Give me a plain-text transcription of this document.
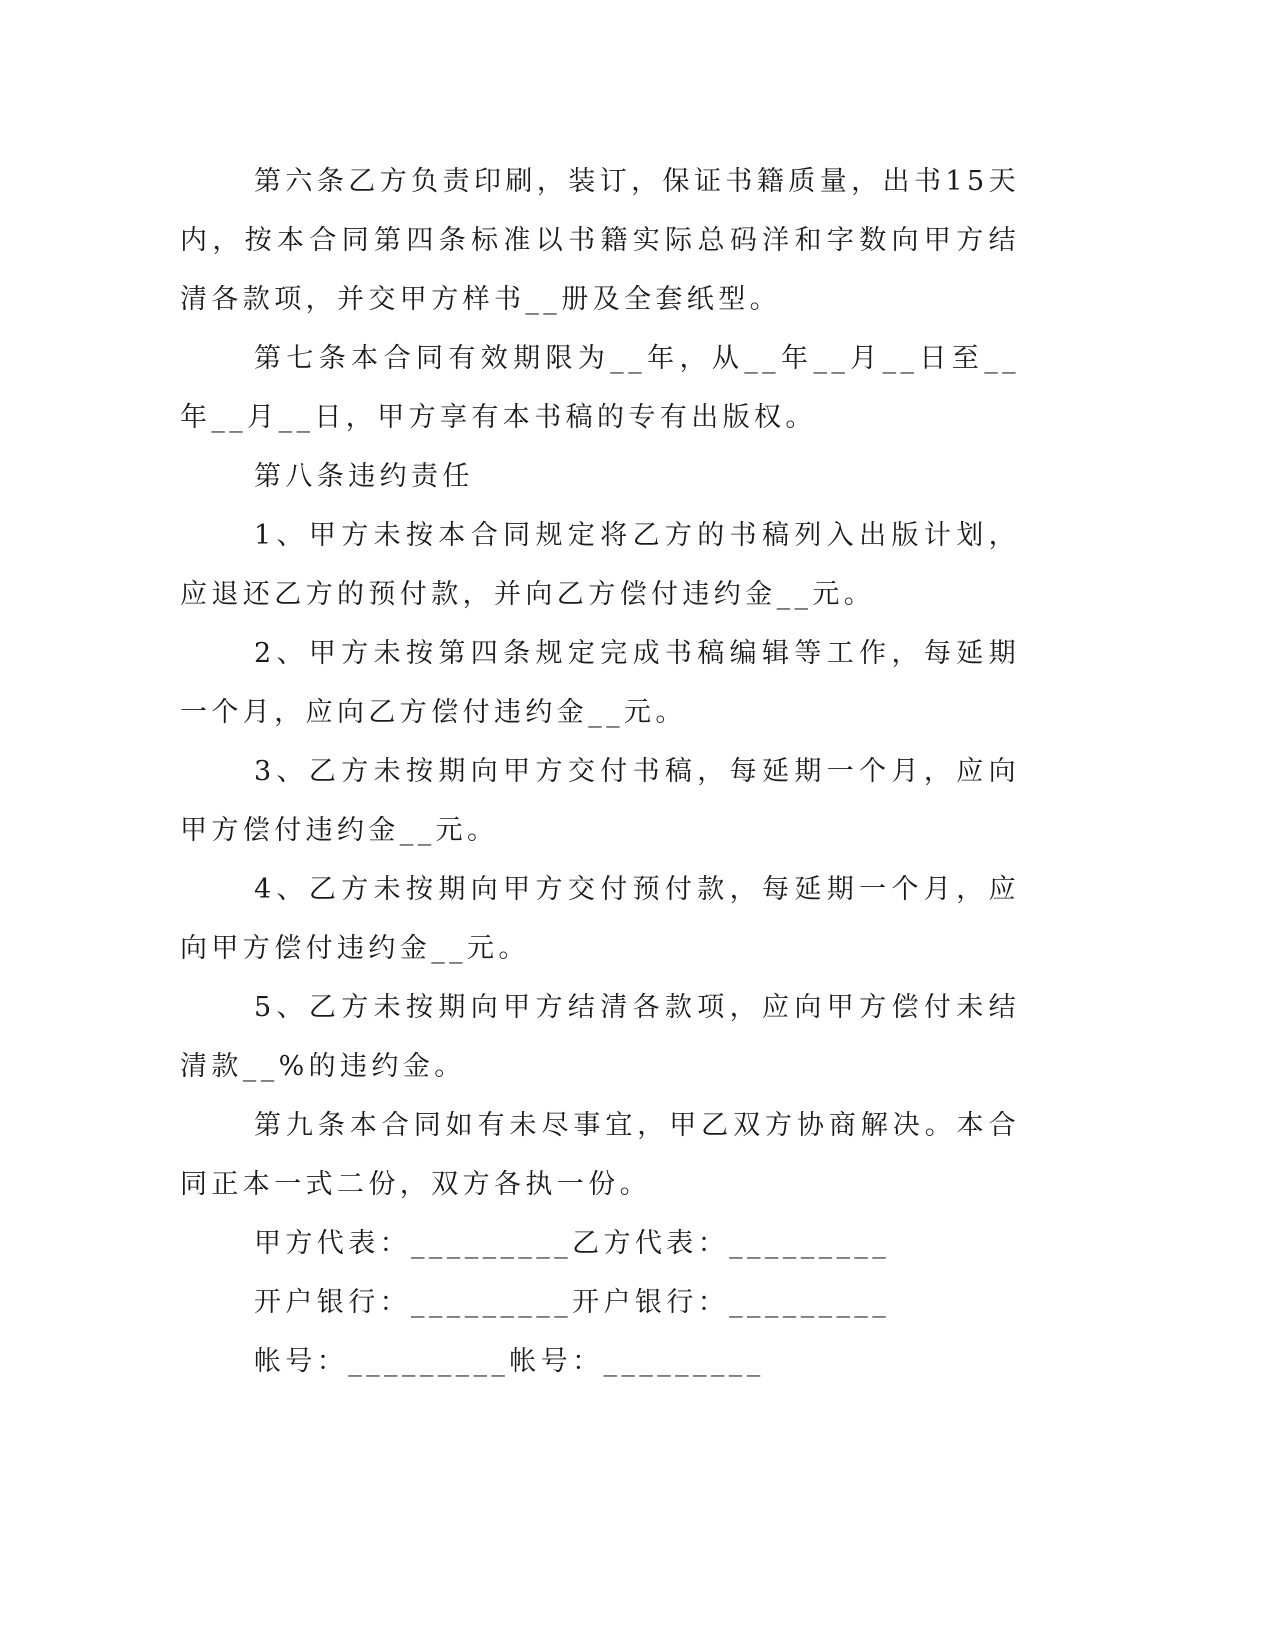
第六条乙方负责印刷，装订，保证书籍质量，出书15天内，按本合同第四条标准以书籍实际总码洋和字数向甲方结清各款项，并交甲方样书__册及全套纸型。

第七条本合同有效期限为__年，从__年__月__日至__年__月__日，甲方享有本书稿的专有出版权。

第八条违约责任

1、甲方未按本合同规定将乙方的书稿列入出版计划，应退还乙方的预付款，并向乙方偿付违约金__元。

2、甲方未按第四条规定完成书稿编辑等工作，每延期一个月，应向乙方偿付违约金__元。

3、乙方未按期向甲方交付书稿，每延期一个月，应向甲方偿付违约金__元。

4、乙方未按期向甲方交付预付款，每延期一个月，应向甲方偿付违约金__元。

5、乙方未按期向甲方结清各款项，应向甲方偿付未结清款__%的违约金。

第九条本合同如有未尽事宜，甲乙双方协商解决。本合同正本一式二份，双方各执一份。

甲方代表：_________乙方代表：_________

开户银行：_________开户银行：_________

帐号：_________帐号：_________
